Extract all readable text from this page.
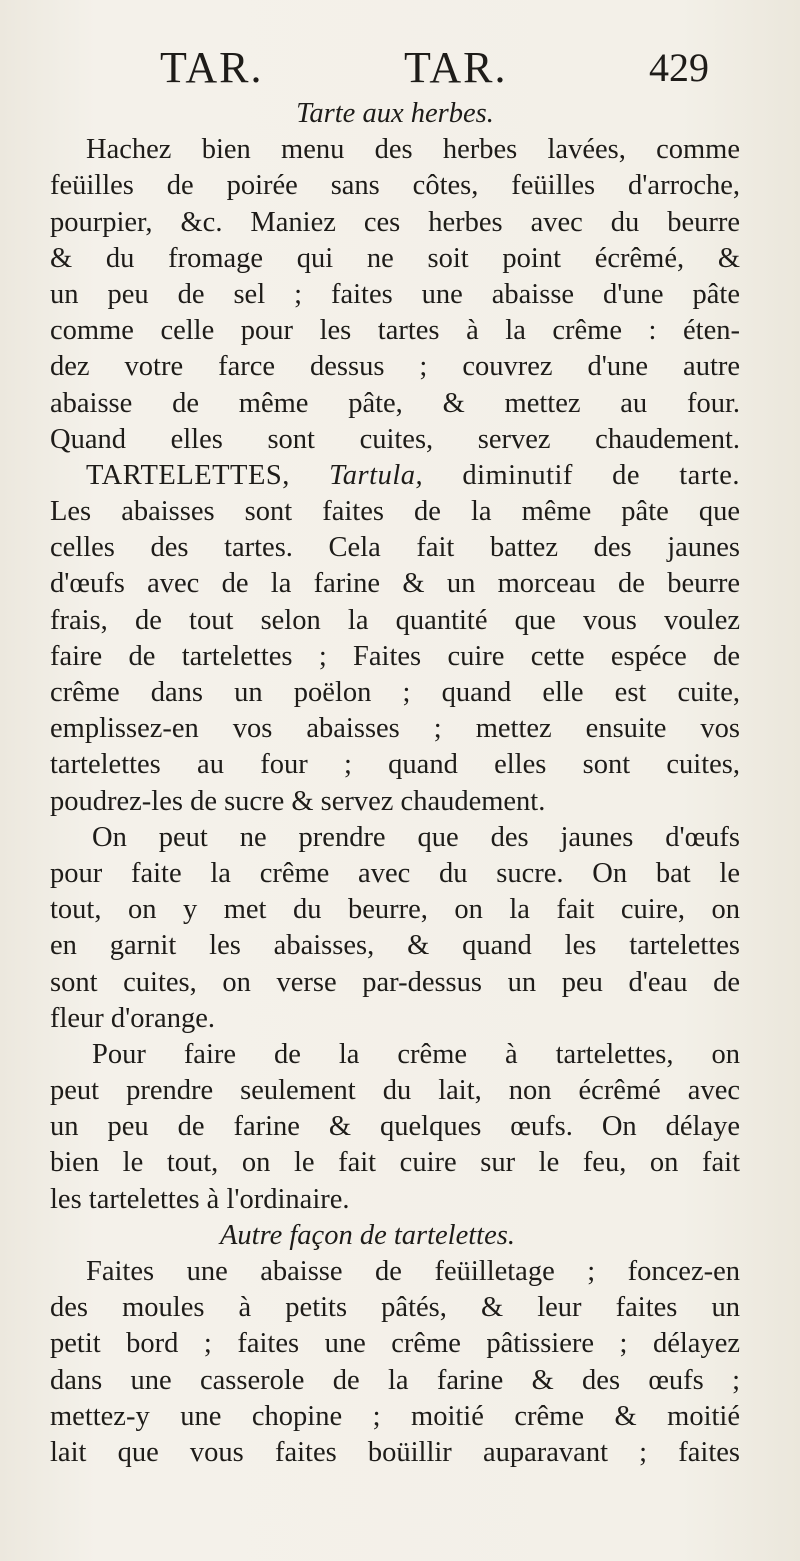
TAR.	TAR.	429
Tarte aux herbes.
Hachez bien menu des herbes lavées, comme
feüilles de poirée sans côtes, feüilles d'arroche,
pourpier, &c. Maniez ces herbes avec du beurre
& du fromage qui ne soit point écrêmé, &
un peu de sel ; faites une abaisse d'une pâte
comme celle pour les tartes à la crême : éten-
dez votre farce dessus ; couvrez d'une autre
abaisse de même pâte, & mettez au four.
Quand elles sont cuites, servez chaudement.
TARTELETTES, Tartula, diminutif de tarte.
Les abaisses sont faites de la même pâte que
celles des tartes. Cela fait battez des jaunes
d'œufs avec de la farine & un morceau de beurre
frais, de tout selon la quantité que vous voulez
faire de tartelettes ; Faites cuire cette espéce de
crême dans un poëlon ; quand elle est cuite,
emplissez-en vos abaisses ; mettez ensuite vos
tartelettes au four ; quand elles sont cuites,
poudrez-les de sucre & servez chaudement.
On peut ne prendre que des jaunes d'œufs
pour faite la crême avec du sucre. On bat le
tout, on y met du beurre, on la fait cuire, on
en garnit les abaisses, & quand les tartelettes
sont cuites, on verse par-dessus un peu d'eau de
fleur d'orange.
Pour faire de la crême à tartelettes, on
peut prendre seulement du lait, non écrêmé avec
un peu de farine & quelques œufs. On délaye
bien le tout, on le fait cuire sur le feu, on fait
les tartelettes à l'ordinaire.
Autre façon de tartelettes.
Faites une abaisse de feüilletage ; foncez-en
des moules à petits pâtés, & leur faites un
petit bord ; faites une crême pâtissiere ; délayez
dans une casserole de la farine & des œufs ;
mettez-y une chopine ; moitié crême & moitié
lait que vous faites boüillir auparavant ; faites
